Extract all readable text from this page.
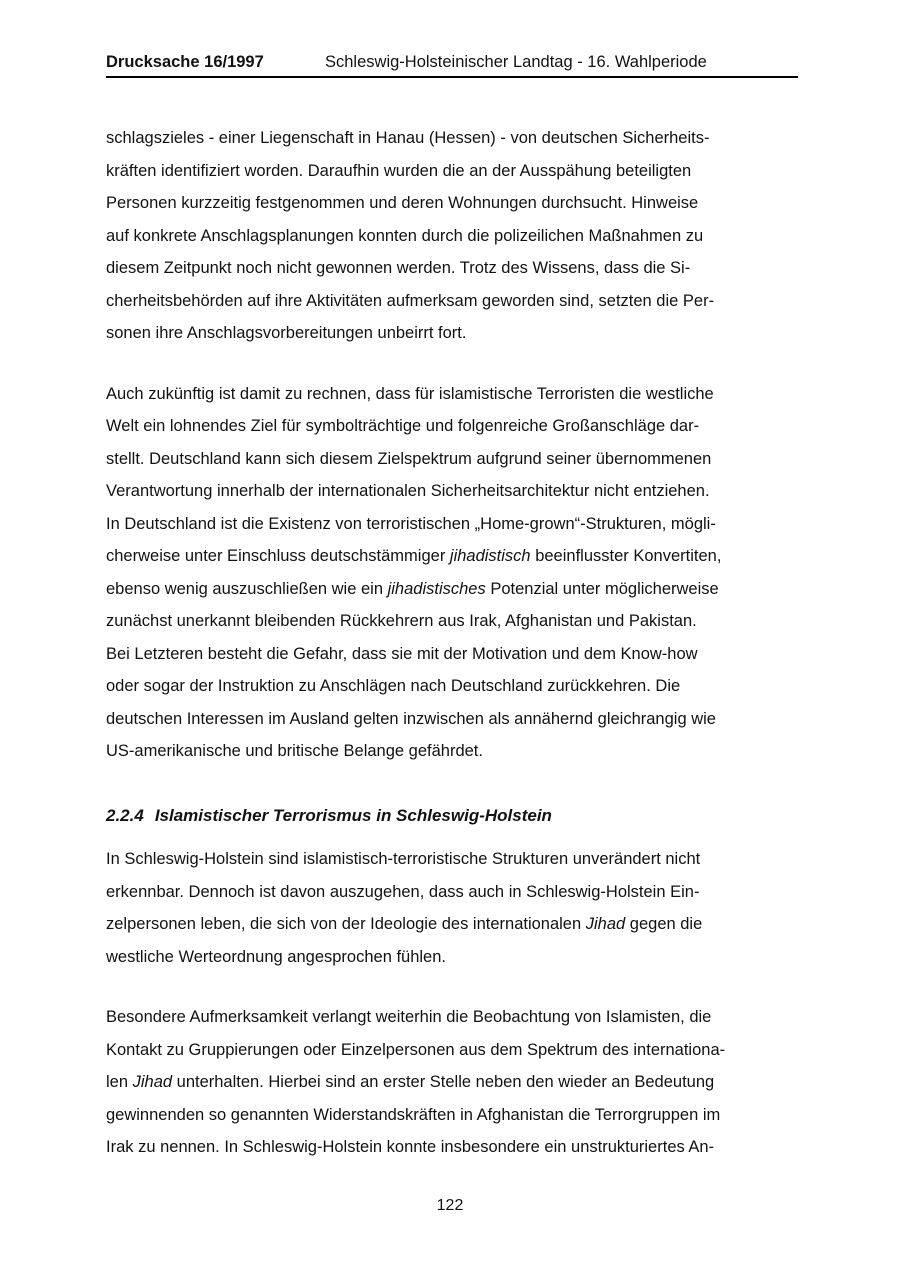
Drucksache 16/1997	Schleswig-Holsteinischer Landtag - 16. Wahlperiode
schlagszieles - einer Liegenschaft in Hanau (Hessen) - von deutschen Sicherheits-
kräften identifiziert worden. Daraufhin wurden die an der Ausspähung beteiligten
Personen kurzzeitig festgenommen und deren Wohnungen durchsucht. Hinweise
auf konkrete Anschlagsplanungen konnten durch die polizeilichen Maßnahmen zu
diesem Zeitpunkt noch nicht gewonnen werden. Trotz des Wissens, dass die Si-
cherheitsbehörden auf ihre Aktivitäten aufmerksam geworden sind, setzten die Per-
sonen ihre Anschlagsvorbereitungen unbeirrt fort.
Auch zukünftig ist damit zu rechnen, dass für islamistische Terroristen die westliche
Welt ein lohnendes Ziel für symbolträchtige und folgenreiche Großanschläge dar-
stellt. Deutschland kann sich diesem Zielspektrum aufgrund seiner übernommenen
Verantwortung innerhalb der internationalen Sicherheitsarchitektur nicht entziehen.
In Deutschland ist die Existenz von terroristischen „Home-grown“-Strukturen, mögli-
cherweise unter Einschluss deutschstämmiger jihadistisch beeinflusster Konvertiten,
ebenso wenig auszuschließen wie ein jihadistisches Potenzial unter möglicherweise
zunächst unerkannt bleibenden Rückkehrern aus Irak, Afghanistan und Pakistan.
Bei Letzteren besteht die Gefahr, dass sie mit der Motivation und dem Know-how
oder sogar der Instruktion zu Anschlägen nach Deutschland zurückkehren. Die
deutschen Interessen im Ausland gelten inzwischen als annähernd gleichrangig wie
US-amerikanische und britische Belange gefährdet.
2.2.4 Islamistischer Terrorismus in Schleswig-Holstein
In Schleswig-Holstein sind islamistisch-terroristische Strukturen unverändert nicht
erkennbar. Dennoch ist davon auszugehen, dass auch in Schleswig-Holstein Ein-
zelpersonen leben, die sich von der Ideologie des internationalen Jihad gegen die
westliche Werteordnung angesprochen fühlen.
Besondere Aufmerksamkeit verlangt weiterhin die Beobachtung von Islamisten, die
Kontakt zu Gruppierungen oder Einzelpersonen aus dem Spektrum des internationa-
len Jihad unterhalten. Hierbei sind an erster Stelle neben den wieder an Bedeutung
gewinnenden so genannten Widerstandskräften in Afghanistan die Terrorgruppen im
Irak zu nennen. In Schleswig-Holstein konnte insbesondere ein unstrukturiertes An-
122
